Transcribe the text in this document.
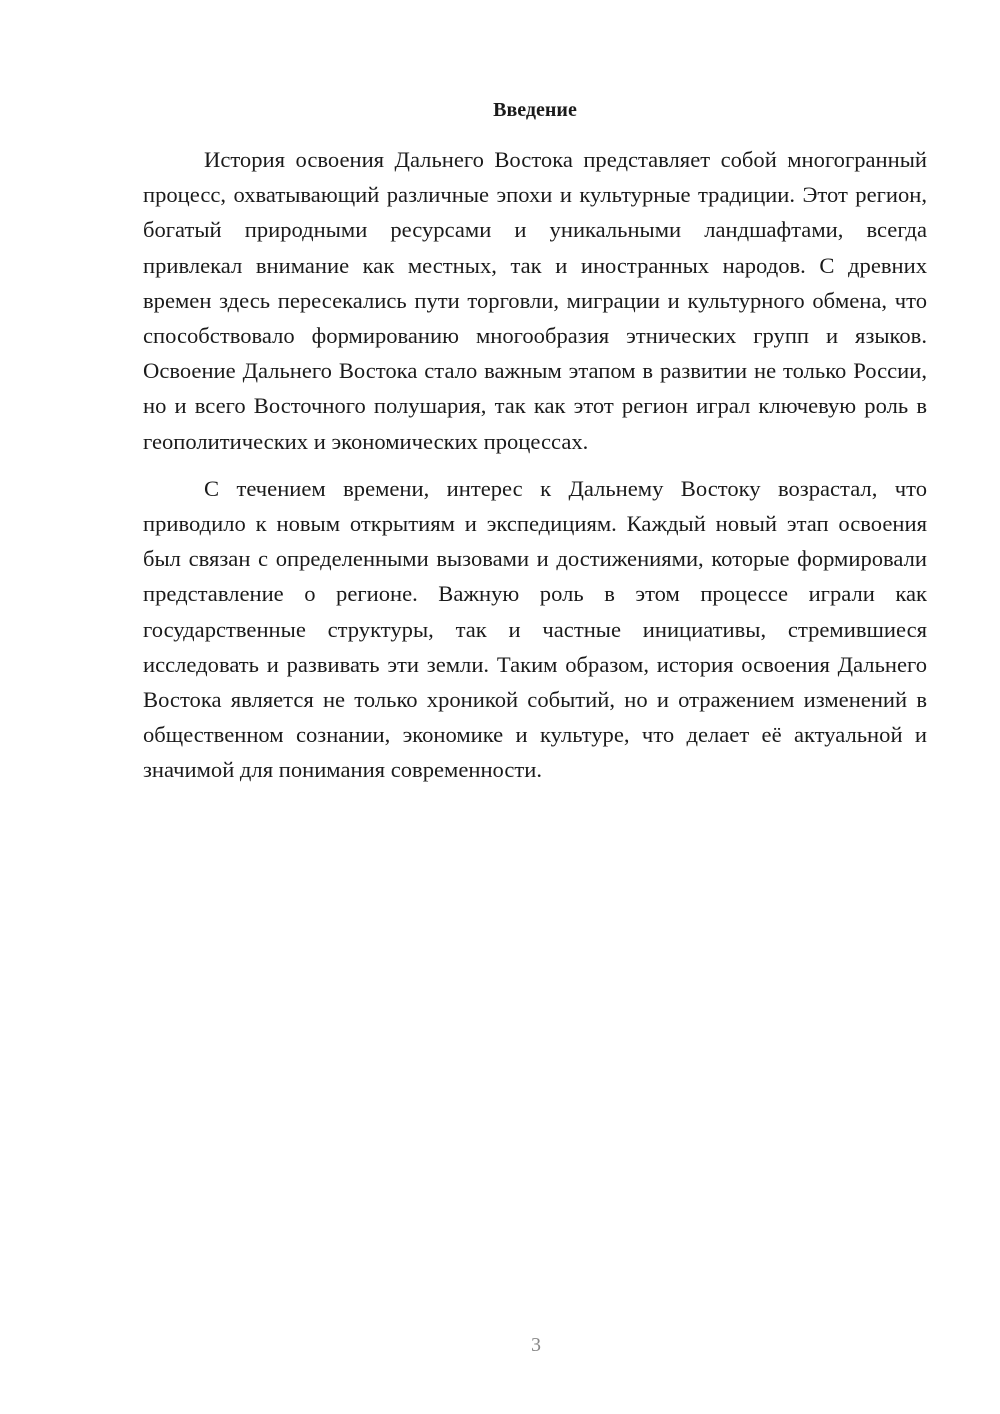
Введение

История освоения Дальнего Востока представляет собой многогранный процесс, охватывающий различные эпохи и культурные традиции. Этот регион, богатый природными ресурсами и уникальными ландшафтами, всегда привлекал внимание как местных, так и иностранных народов. С древних времен здесь пересекались пути торговли, миграции и культурного обмена, что способствовало формированию многообразия этнических групп и языков. Освоение Дальнего Востока стало важным этапом в развитии не только России, но и всего Восточного полушария, так как этот регион играл ключевую роль в геополитических и экономических процессах.

С течением времени, интерес к Дальнему Востоку возрастал, что приводило к новым открытиям и экспедициям. Каждый новый этап освоения был связан с определенными вызовами и достижениями, которые формировали представление о регионе. Важную роль в этом процессе играли как государственные структуры, так и частные инициативы, стремившиеся исследовать и развивать эти земли. Таким образом, история освоения Дальнего Востока является не только хроникой событий, но и отражением изменений в общественном сознании, экономике и культуре, что делает её актуальной и значимой для понимания современности.

3
